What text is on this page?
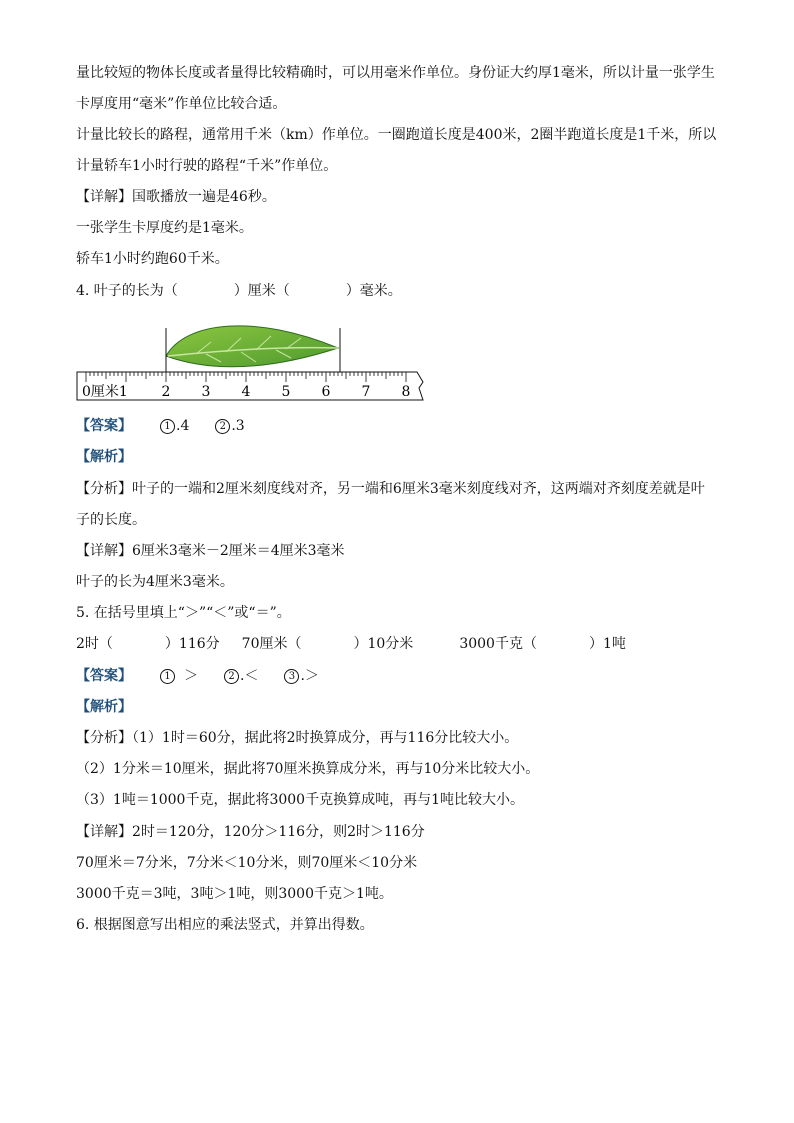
量比较短的物体长度或者量得比较精确时，可以用毫米作单位。身份证大约厚1毫米，所以计量一张学生
卡厚度用“毫米”作单位比较合适。
计量比较长的路程，通常用千米（km）作单位。一圈跑道长度是400米，2圈半跑道长度是1千米，所以
计量轿车1小时行驶的路程“千米”作单位。
【详解】国歌播放一遍是46秒。
一张学生卡厚度约是1毫米。
轿车1小时约跑60千米。
4. 叶子的长为（	）厘米（	）毫米。
0厘米1 2 3 4 5 6 7 8
【答案】	1 .4	2 .3
【解析】
【分析】叶子的一端和2厘米刻度线对齐，另一端和6厘米3毫米刻度线对齐，这两端对齐刻度差就是叶
子的长度。
【详解】6厘米3毫米－2厘米＝4厘米3毫米
叶子的长为4厘米3毫米。
5. 在括号里填上“＞”“＜”或“＝”。
2时（	）116分 70厘米（	）10分米	3000千克（	）1吨
【答案】	1 ＞	2 .＜	3 .＞
【解析】
【分析】（1）1时＝60分，据此将2时换算成分，再与116分比较大小。
（2）1分米＝10厘米，据此将70厘米换算成分米，再与10分米比较大小。
（3）1吨＝1000千克，据此将3000千克换算成吨，再与1吨比较大小。
【详解】2时＝120分，120分＞116分，则2时＞116分
70厘米＝7分米，7分米＜10分米，则70厘米＜10分米
3000千克＝3吨，3吨＞1吨，则3000千克＞1吨。
6. 根据图意写出相应的乘法竖式，并算出得数。
